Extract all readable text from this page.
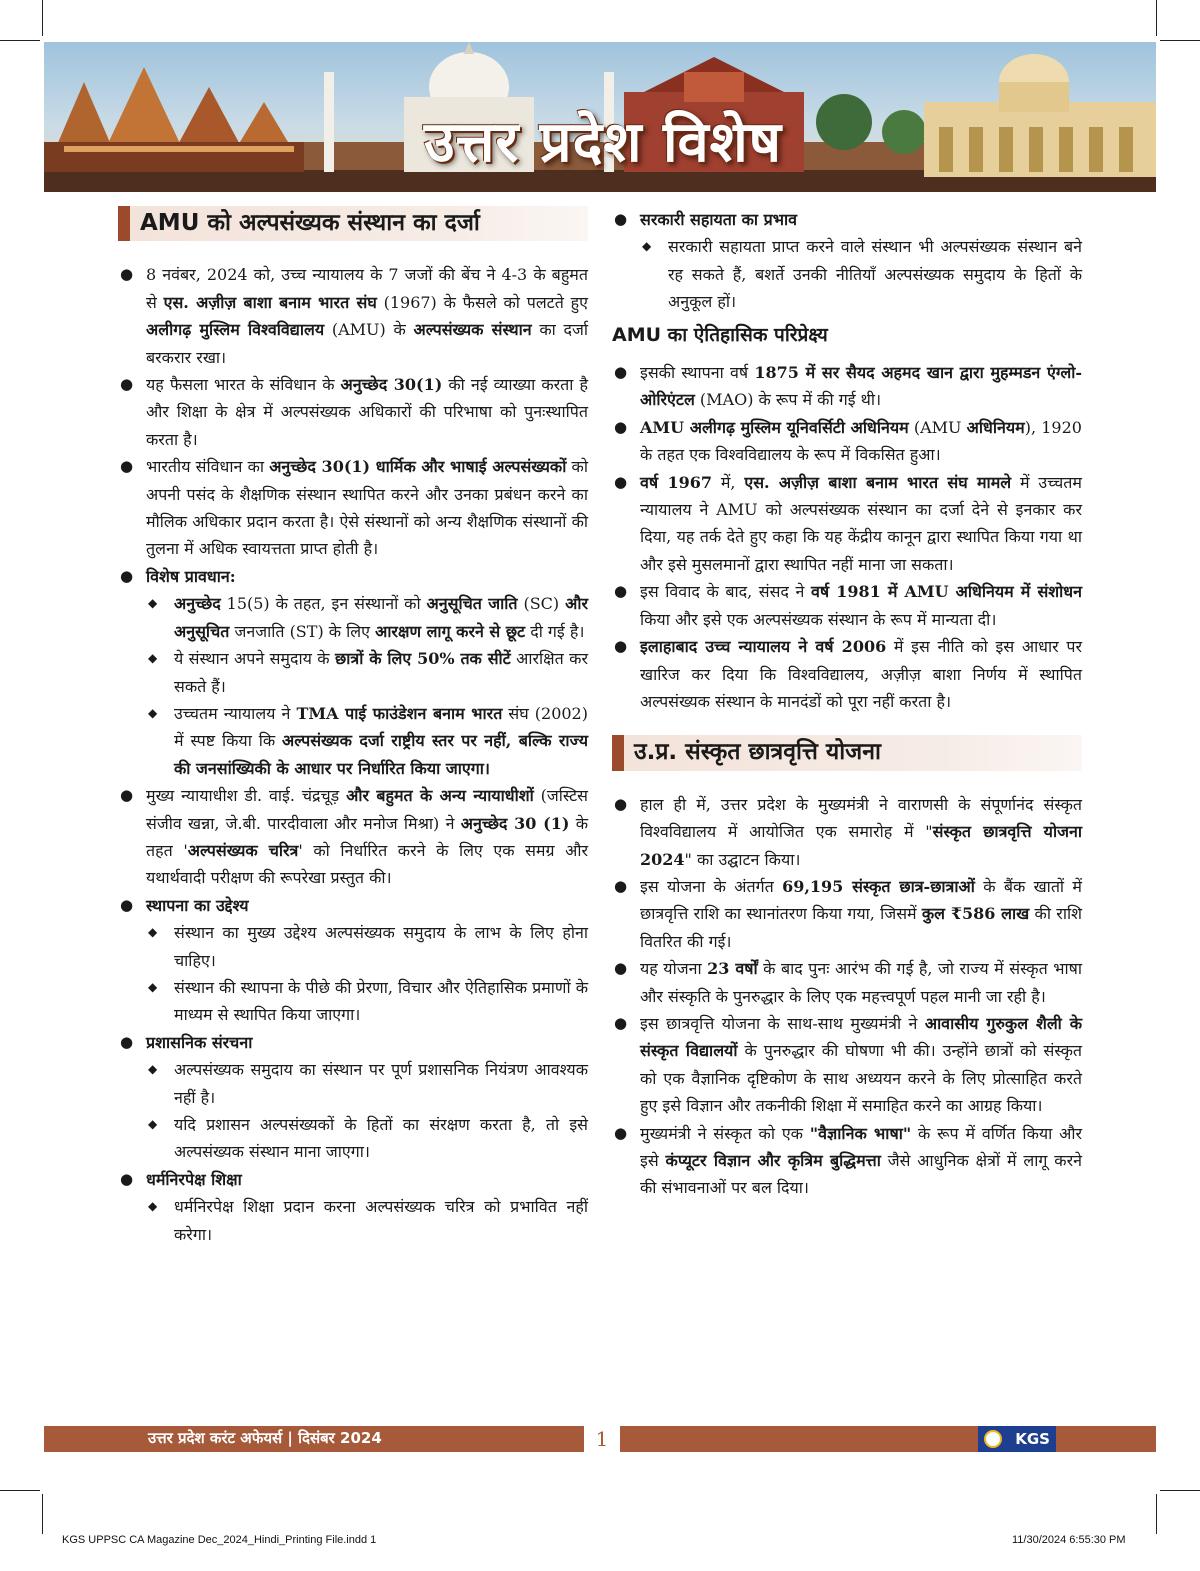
उत्तर प्रदेश विशेष
AMU को अल्पसंख्यक संस्थान का दर्जा
● 8 नवंबर, 2024 को, उच्च न्यायालय के 7 जजों की बेंच ने 4-3 के बहुमत से एस. अज़ीज़ बाशा बनाम भारत संघ (1967) के फैसले को पलटते हुए अलीगढ़ मुस्लिम विश्वविद्यालय (AMU) के अल्पसंख्यक संस्थान का दर्जा बरकरार रखा।
● यह फैसला भारत के संविधान के अनुच्छेद 30(1) की नई व्याख्या करता है और शिक्षा के क्षेत्र में अल्पसंख्यक अधिकारों की परिभाषा को पुनःस्थापित करता है।
● भारतीय संविधान का अनुच्छेद 30(1) धार्मिक और भाषाई अल्पसंख्यकों को अपनी पसंद के शैक्षणिक संस्थान स्थापित करने और उनका प्रबंधन करने का मौलिक अधिकार प्रदान करता है। ऐसे संस्थानों को अन्य शैक्षणिक संस्थानों की तुलना में अधिक स्वायत्तता प्राप्त होती है।
● विशेष प्रावधान:
◆ अनुच्छेद 15(5) के तहत, इन संस्थानों को अनुसूचित जाति (SC) और अनुसूचित जनजाति (ST) के लिए आरक्षण लागू करने से छूट दी गई है।
◆ ये संस्थान अपने समुदाय के छात्रों के लिए 50% तक सीटें आरक्षित कर सकते हैं।
◆ उच्चतम न्यायालय ने TMA पाई फाउंडेशन बनाम भारत संघ (2002) में स्पष्ट किया कि अल्पसंख्यक दर्जा राष्ट्रीय स्तर पर नहीं, बल्कि राज्य की जनसांख्यिकी के आधार पर निर्धारित किया जाएगा।
● मुख्य न्यायाधीश डी. वाई. चंद्रचूड़ और बहुमत के अन्य न्यायाधीशों (जस्टिस संजीव खन्ना, जे.बी. पारदीवाला और मनोज मिश्रा) ने अनुच्छेद 30 (1) के तहत 'अल्पसंख्यक चरित्र' को निर्धारित करने के लिए एक समग्र और यथार्थवादी परीक्षण की रूपरेखा प्रस्तुत की।
● स्थापना का उद्देश्य
◆ संस्थान का मुख्य उद्देश्य अल्पसंख्यक समुदाय के लाभ के लिए होना चाहिए।
◆ संस्थान की स्थापना के पीछे की प्रेरणा, विचार और ऐतिहासिक प्रमाणों के माध्यम से स्थापित किया जाएगा।
● प्रशासनिक संरचना
◆ अल्पसंख्यक समुदाय का संस्थान पर पूर्ण प्रशासनिक नियंत्रण आवश्यक नहीं है।
◆ यदि प्रशासन अल्पसंख्यकों के हितों का संरक्षण करता है, तो इसे अल्पसंख्यक संस्थान माना जाएगा।
● धर्मनिरपेक्ष शिक्षा
◆ धर्मनिरपेक्ष शिक्षा प्रदान करना अल्पसंख्यक चरित्र को प्रभावित नहीं करेगा।
● सरकारी सहायता का प्रभाव
◆ सरकारी सहायता प्राप्त करने वाले संस्थान भी अल्पसंख्यक संस्थान बने रह सकते हैं, बशर्ते उनकी नीतियाँ अल्पसंख्यक समुदाय के हितों के अनुकूल हों।
AMU का ऐतिहासिक परिप्रेक्ष्य
● इसकी स्थापना वर्ष 1875 में सर सैयद अहमद खान द्वारा मुहम्मडन एंग्लो-ओरिएंटल (MAO) के रूप में की गई थी।
● AMU अलीगढ़ मुस्लिम यूनिवर्सिटी अधिनियम (AMU अधिनियम), 1920 के तहत एक विश्वविद्यालय के रूप में विकसित हुआ।
● वर्ष 1967 में, एस. अज़ीज़ बाशा बनाम भारत संघ मामले में उच्चतम न्यायालय ने AMU को अल्पसंख्यक संस्थान का दर्जा देने से इनकार कर दिया, यह तर्क देते हुए कहा कि यह केंद्रीय कानून द्वारा स्थापित किया गया था और इसे मुसलमानों द्वारा स्थापित नहीं माना जा सकता।
● इस विवाद के बाद, संसद ने वर्ष 1981 में AMU अधिनियम में संशोधन किया और इसे एक अल्पसंख्यक संस्थान के रूप में मान्यता दी।
● इलाहाबाद उच्च न्यायालय ने वर्ष 2006 में इस नीति को इस आधार पर खारिज कर दिया कि विश्वविद्यालय, अज़ीज़ बाशा निर्णय में स्थापित अल्पसंख्यक संस्थान के मानदंडों को पूरा नहीं करता है।
उ.प्र. संस्कृत छात्रवृत्ति योजना
● हाल ही में, उत्तर प्रदेश के मुख्यमंत्री ने वाराणसी के संपूर्णानंद संस्कृत विश्वविद्यालय में आयोजित एक समारोह में "संस्कृत छात्रवृत्ति योजना 2024" का उद्घाटन किया।
● इस योजना के अंतर्गत 69,195 संस्कृत छात्र-छात्राओं के बैंक खातों में छात्रवृत्ति राशि का स्थानांतरण किया गया, जिसमें कुल ₹586 लाख की राशि वितरित की गई।
● यह योजना 23 वर्षों के बाद पुनः आरंभ की गई है, जो राज्य में संस्कृत भाषा और संस्कृति के पुनरुद्धार के लिए एक महत्त्वपूर्ण पहल मानी जा रही है।
● इस छात्रवृत्ति योजना के साथ-साथ मुख्यमंत्री ने आवासीय गुरुकुल शैली के संस्कृत विद्यालयों के पुनरुद्धार की घोषणा भी की। उन्होंने छात्रों को संस्कृत को एक वैज्ञानिक दृष्टिकोण के साथ अध्ययन करने के लिए प्रोत्साहित करते हुए इसे विज्ञान और तकनीकी शिक्षा में समाहित करने का आग्रह किया।
● मुख्यमंत्री ने संस्कृत को एक "वैज्ञानिक भाषा" के रूप में वर्णित किया और इसे कंप्यूटर विज्ञान और कृत्रिम बुद्धिमत्ता जैसे आधुनिक क्षेत्रों में लागू करने की संभावनाओं पर बल दिया।
उत्तर प्रदेश करंट अफेयर्स | दिसंबर 2024	1	KGS
KGS UPPSC CA Magazine Dec_2024_Hindi_Printing File.indd 1	11/30/2024 6:55:30 PM
